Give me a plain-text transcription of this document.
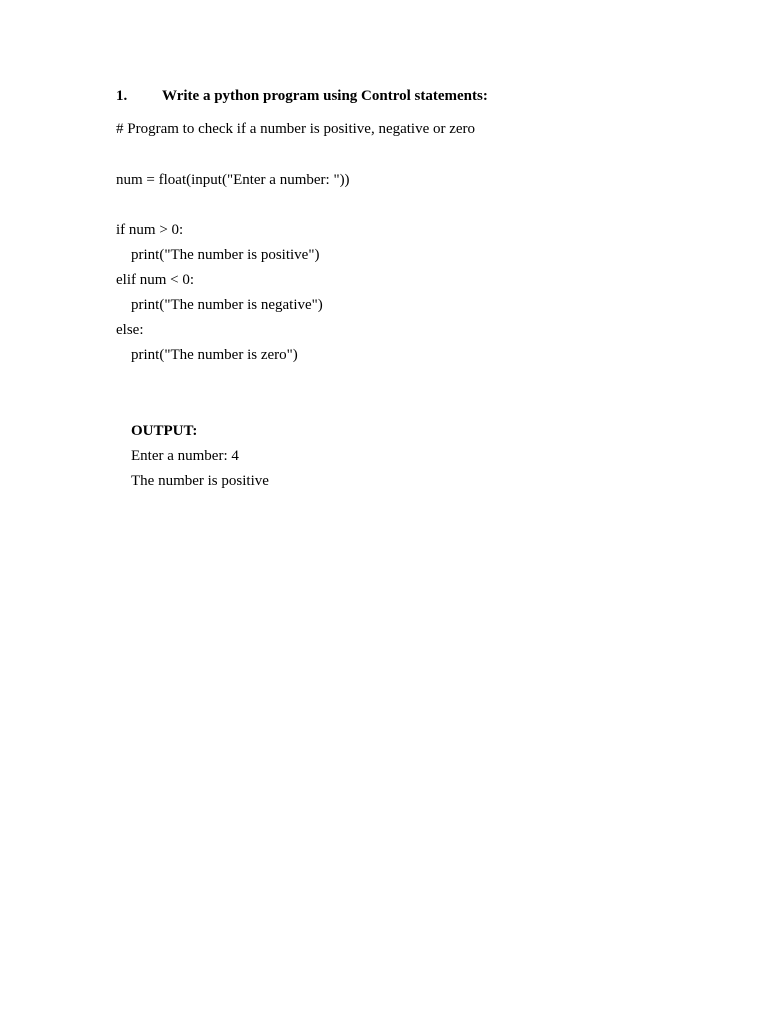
1. Write a python program using Control statements:
# Program to check if a number is positive, negative or zero
num = float(input("Enter a number: "))
if num > 0:
print("The number is positive")
elif num < 0:
print("The number is negative")
else:
print("The number is zero")
OUTPUT:
Enter a number: 4
The number is positive
